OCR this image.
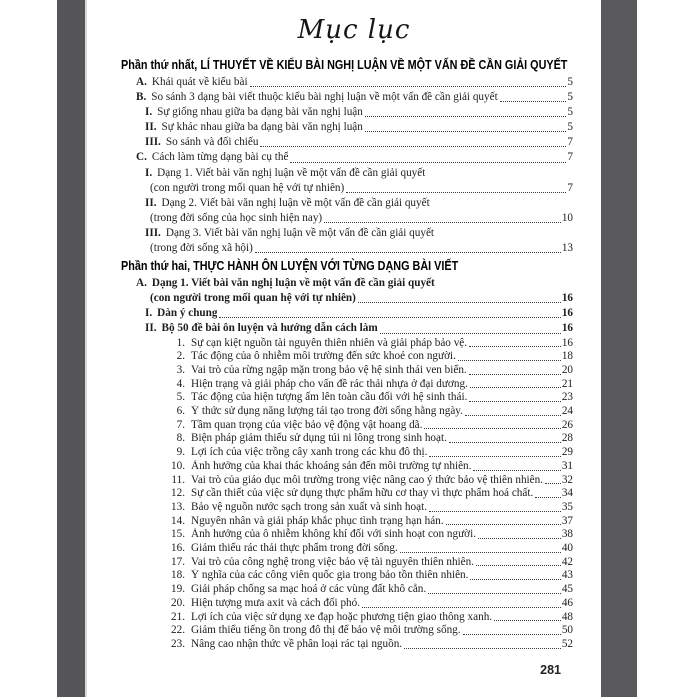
Mục lục
Phần thứ nhất, LÍ THUYẾT VỀ KIỂU BÀI NGHỊ LUẬN VỀ MỘT VẤN ĐỀ CẦN GIẢI QUYẾT
A. Khái quát về kiểu bài	5
B. So sánh 3 dạng bài viết thuộc kiểu bài nghị luận về một vấn đề cần giải quyết	5
I. Sự giống nhau giữa ba dạng bài văn nghị luận	5
II. Sự khác nhau giữa ba dạng bài văn nghị luận	5
III. So sánh và đối chiếu	7
C. Cách làm từng dạng bài cụ thể	7
I. Dạng 1. Viết bài văn nghị luận về một vấn đề cần giải quyết
(con người trong mối quan hệ với tự nhiên)	7
II. Dạng 2. Viết bài văn nghị luận về một vấn đề cần giải quyết
(trong đời sống của học sinh hiện nay)	10
III. Dạng 3. Viết bài văn nghị luận về một vấn đề cần giải quyết
(trong đời sống xã hội)	13
Phần thứ hai, THỰC HÀNH ÔN LUYỆN VỚI TỪNG DẠNG BÀI VIẾT
A. Dạng 1. Viết bài văn nghị luận về một vấn đề cần giải quyết
(con người trong mối quan hệ với tự nhiên)	16
I. Dàn ý chung	16
II. Bộ 50 đề bài ôn luyện và hướng dẫn cách làm	16
1. Sự cạn kiệt nguồn tài nguyên thiên nhiên và giải pháp bảo vệ.	16
2. Tác động của ô nhiễm môi trường đến sức khoẻ con người.	18
3. Vai trò của rừng ngập mặn trong bảo vệ hệ sinh thái ven biển.	20
4. Hiện trạng và giải pháp cho vấn đề rác thải nhựa ở đại dương.	21
5. Tác động của hiện tượng ấm lên toàn cầu đối với hệ sinh thái.	23
6. Ý thức sử dụng năng lượng tái tạo trong đời sống hằng ngày.	24
7. Tầm quan trọng của việc bảo vệ động vật hoang dã.	26
8. Biện pháp giảm thiểu sử dụng túi ni lông trong sinh hoạt.	28
9. Lợi ích của việc trồng cây xanh trong các khu đô thị.	29
10. Ảnh hưởng của khai thác khoáng sản đến môi trường tự nhiên.	31
11. Vai trò của giáo dục môi trường trong việc nâng cao ý thức bảo vệ thiên nhiên. 32
12. Sự cần thiết của việc sử dụng thực phẩm hữu cơ thay vì thực phẩm hoá chất.	34
13. Bảo vệ nguồn nước sạch trong sản xuất và sinh hoạt.	35
14. Nguyên nhân và giải pháp khắc phục tình trạng hạn hán.	37
15. Ảnh hưởng của ô nhiễm không khí đối với sinh hoạt con người.	38
16. Giảm thiểu rác thải thực phẩm trong đời sống.	40
17. Vai trò của công nghệ trong việc bảo vệ tài nguyên thiên nhiên.	42
18. Ý nghĩa của các công viên quốc gia trong bảo tồn thiên nhiên.	43
19. Giải pháp chống sa mạc hoá ở các vùng đất khô cằn.	45
20. Hiện tượng mưa axit và cách đối phó.	46
21. Lợi ích của việc sử dụng xe đạp hoặc phương tiện giao thông xanh.	48
22. Giảm thiểu tiếng ồn trong đô thị để bảo vệ môi trường sống.	50
23. Nâng cao nhận thức về phân loại rác tại nguồn.	52
281
